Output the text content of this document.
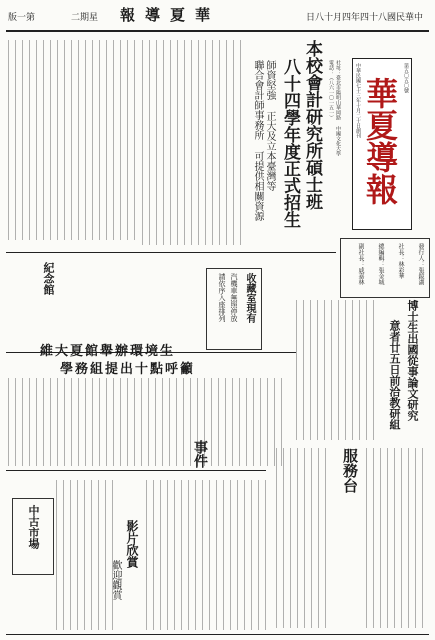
版一第　　　　二期星 報導夏華	日八十月四年四十八國民華中
華夏導報 第五〇五〇號
中華民國七十三年十月二十日創刊
社址：臺北市陽明山華岡路 中國文化大學
電話：（八六一〇一五一）
發行人：張鏡湖
社長：林彩華
總編輯：張金城
副社長：戚嘉林
本校會計研究所碩士班
八十四學年度正式招生
師資堅強 正大及立本臺灣等
聯合會計師事務所 可提供相關資源
紀念館	收藏室現有
汽機車無照停放
請依序入座排列
博士生出國從事論文研究
意者廿五日前洽教研組
維大夏館舉辦環境生
學務組提出十點呼籲
事件	服務台
中古市場	影片欣賞
歡迎觀賞
